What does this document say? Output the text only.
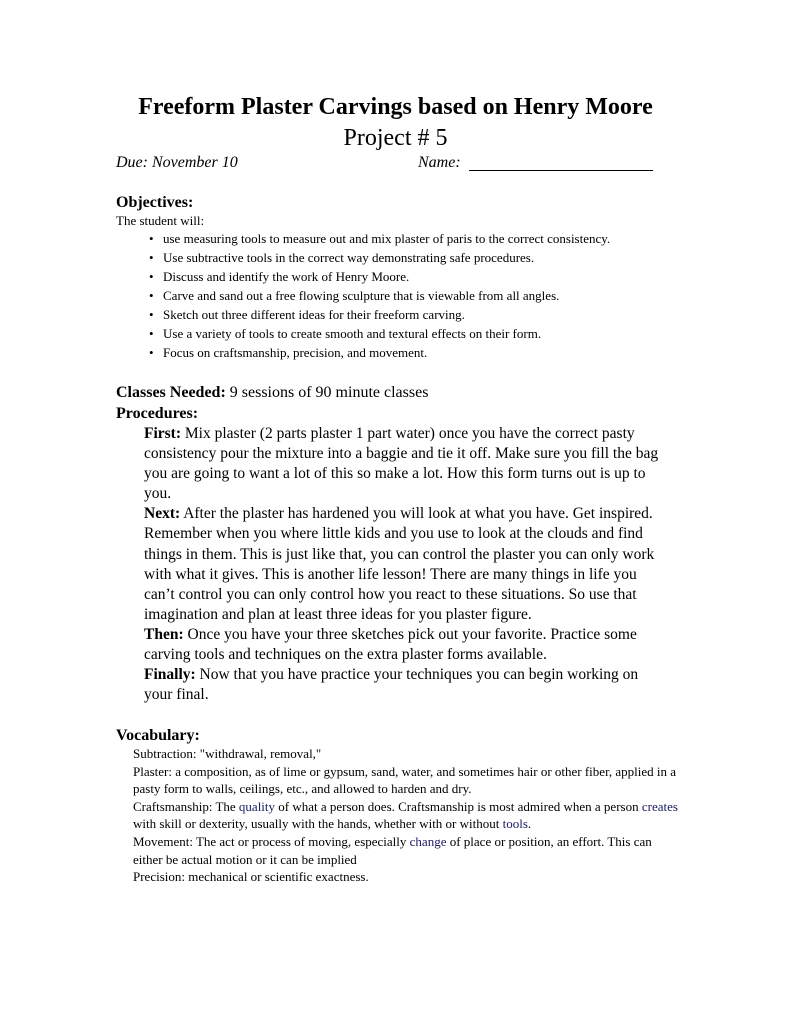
Freeform Plaster Carvings based on Henry Moore
Project # 5
Due: November 10	Name:
Objectives:
The student will:
• use measuring tools to measure out and mix plaster of paris to the correct consistency.
• Use subtractive tools in the correct way demonstrating safe procedures.
• Discuss and identify the work of Henry Moore.
• Carve and sand out a free flowing sculpture that is viewable from all angles.
• Sketch out three different ideas for their freeform carving.
• Use a variety of tools to create smooth and textural effects on their form.
• Focus on craftsmanship, precision, and movement.
Classes Needed: 9 sessions of 90 minute classes
Procedures:

First: Mix plaster (2 parts plaster 1 part water) once you have the correct pasty consistency pour the mixture into a baggie and tie it off. Make sure you fill the bag you are going to want a lot of this so make a lot. How this form turns out is up to you.

Next: After the plaster has hardened you will look at what you have. Get inspired. Remember when you where little kids and you use to look at the clouds and find things in them. This is just like that, you can control the plaster you can only work with what it gives. This is another life lesson! There are many things in life you can’t control you can only control how you react to these situations. So use that imagination and plan at least three ideas for you plaster figure.

Then: Once you have your three sketches pick out your favorite. Practice some carving tools and techniques on the extra plaster forms available.

Finally: Now that you have practice your techniques you can begin working on your final.

Vocabulary:

Subtraction: "withdrawal, removal,"

Plaster: a composition, as of lime or gypsum, sand, water, and sometimes hair or other fiber, applied in a pasty form to walls, ceilings, etc., and allowed to harden and dry.

Craftsmanship: The quality of what a person does. Craftsmanship is most admired when a person creates with skill or dexterity, usually with the hands, whether with or without tools.

Movement: The act or process of moving, especially change of place or position, an effort. This can either be actual motion or it can be implied

Precision: mechanical or scientific exactness.
